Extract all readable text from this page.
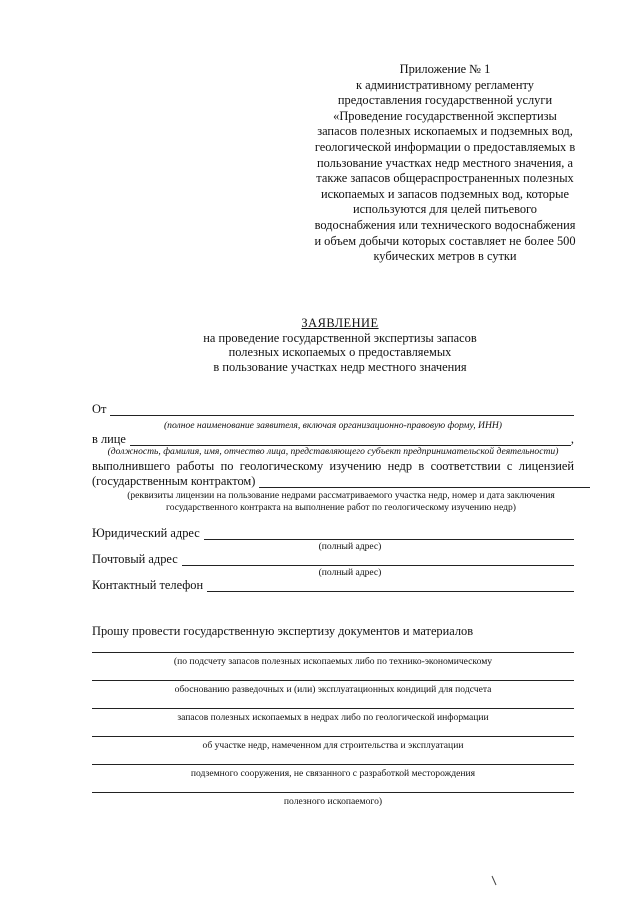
Приложение № 1
к административному регламенту
предоставления государственной услуги
«Проведение государственной экспертизы
запасов полезных ископаемых и подземных вод,
геологической информации о предоставляемых в
пользование участках недр местного значения, а
также запасов общераспространенных полезных
ископаемых и запасов подземных вод, которые
используются для целей питьевого
водоснабжения или технического водоснабжения
и объем добычи которых составляет не более 500
кубических метров в сутки
ЗАЯВЛЕНИЕ
на проведение государственной экспертизы запасов
полезных ископаемых о предоставляемых
в пользование участках недр местного значения
От
(полное наименование заявителя, включая организационно-правовую форму, ИНН)
в лице	,
(должность, фамилия, имя, отчество лица, представляющего субъект предпринимательской деятельности)
выполнившего работы по геологическому изучению недр в соответствии с лицензией
(государственным контрактом)
(реквизиты лицензии на пользование недрами рассматриваемого участка недр, номер и дата заключения
государственного контракта на выполнение работ по геологическому изучению недр)
Юридический адрес
(полный адрес)
Почтовый адрес
(полный адрес)
Контактный телефон
Прошу провести государственную экспертизу документов и материалов
(по подсчету запасов полезных ископаемых либо по технико-экономическому
обоснованию разведочных и (или) эксплуатационных кондиций для подсчета
запасов полезных ископаемых в недрах либо по геологической информации
об участке недр, намеченном для строительства и эксплуатации
подземного сооружения, не связанного с разработкой месторождения
полезного ископаемого)
